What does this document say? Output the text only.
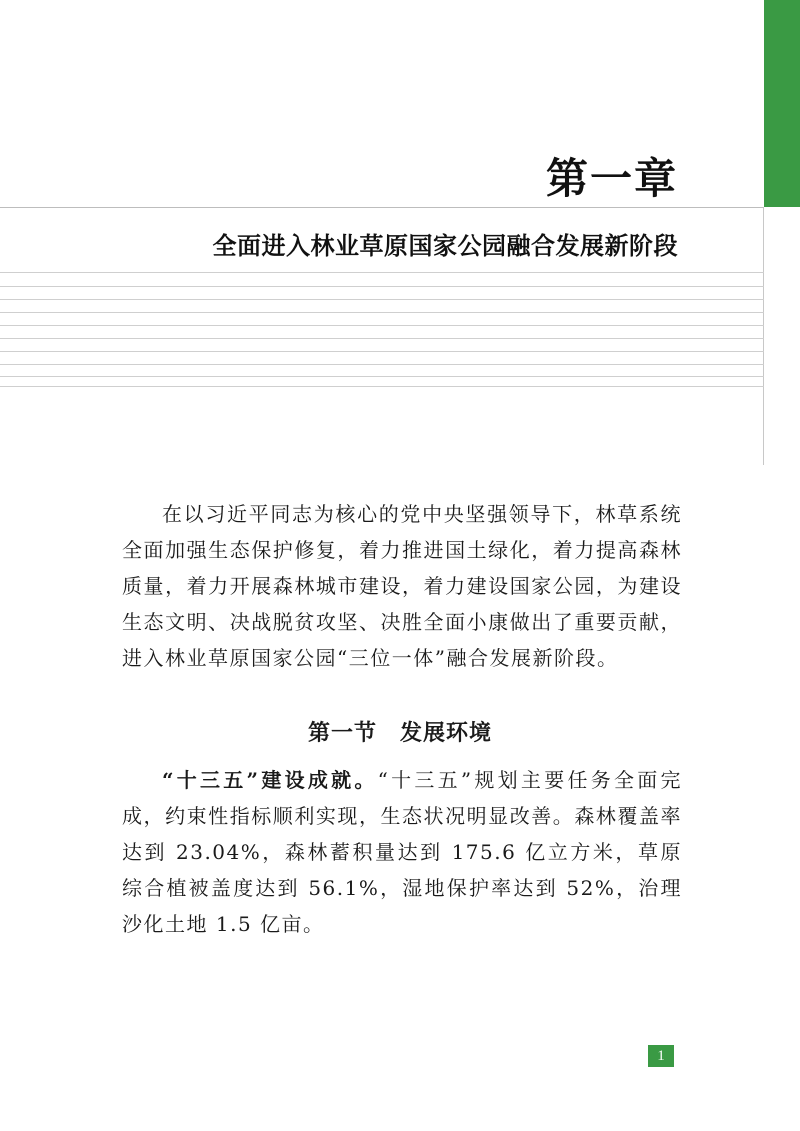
第一章
全面进入林业草原国家公园融合发展新阶段
在以习近平同志为核心的党中央坚强领导下，林草系统全面加强生态保护修复，着力推进国土绿化，着力提高森林质量，着力开展森林城市建设，着力建设国家公园，为建设生态文明、决战脱贫攻坚、决胜全面小康做出了重要贡献，进入林业草原国家公园“三位一体”融合发展新阶段。
第一节　发展环境
“十三五”建设成就。“十三五”规划主要任务全面完成，约束性指标顺利实现，生态状况明显改善。森林覆盖率达到 23.04%，森林蓄积量达到 175.6 亿立方米，草原综合植被盖度达到 56.1%，湿地保护率达到 52%，治理沙化土地 1.5 亿亩。
1
